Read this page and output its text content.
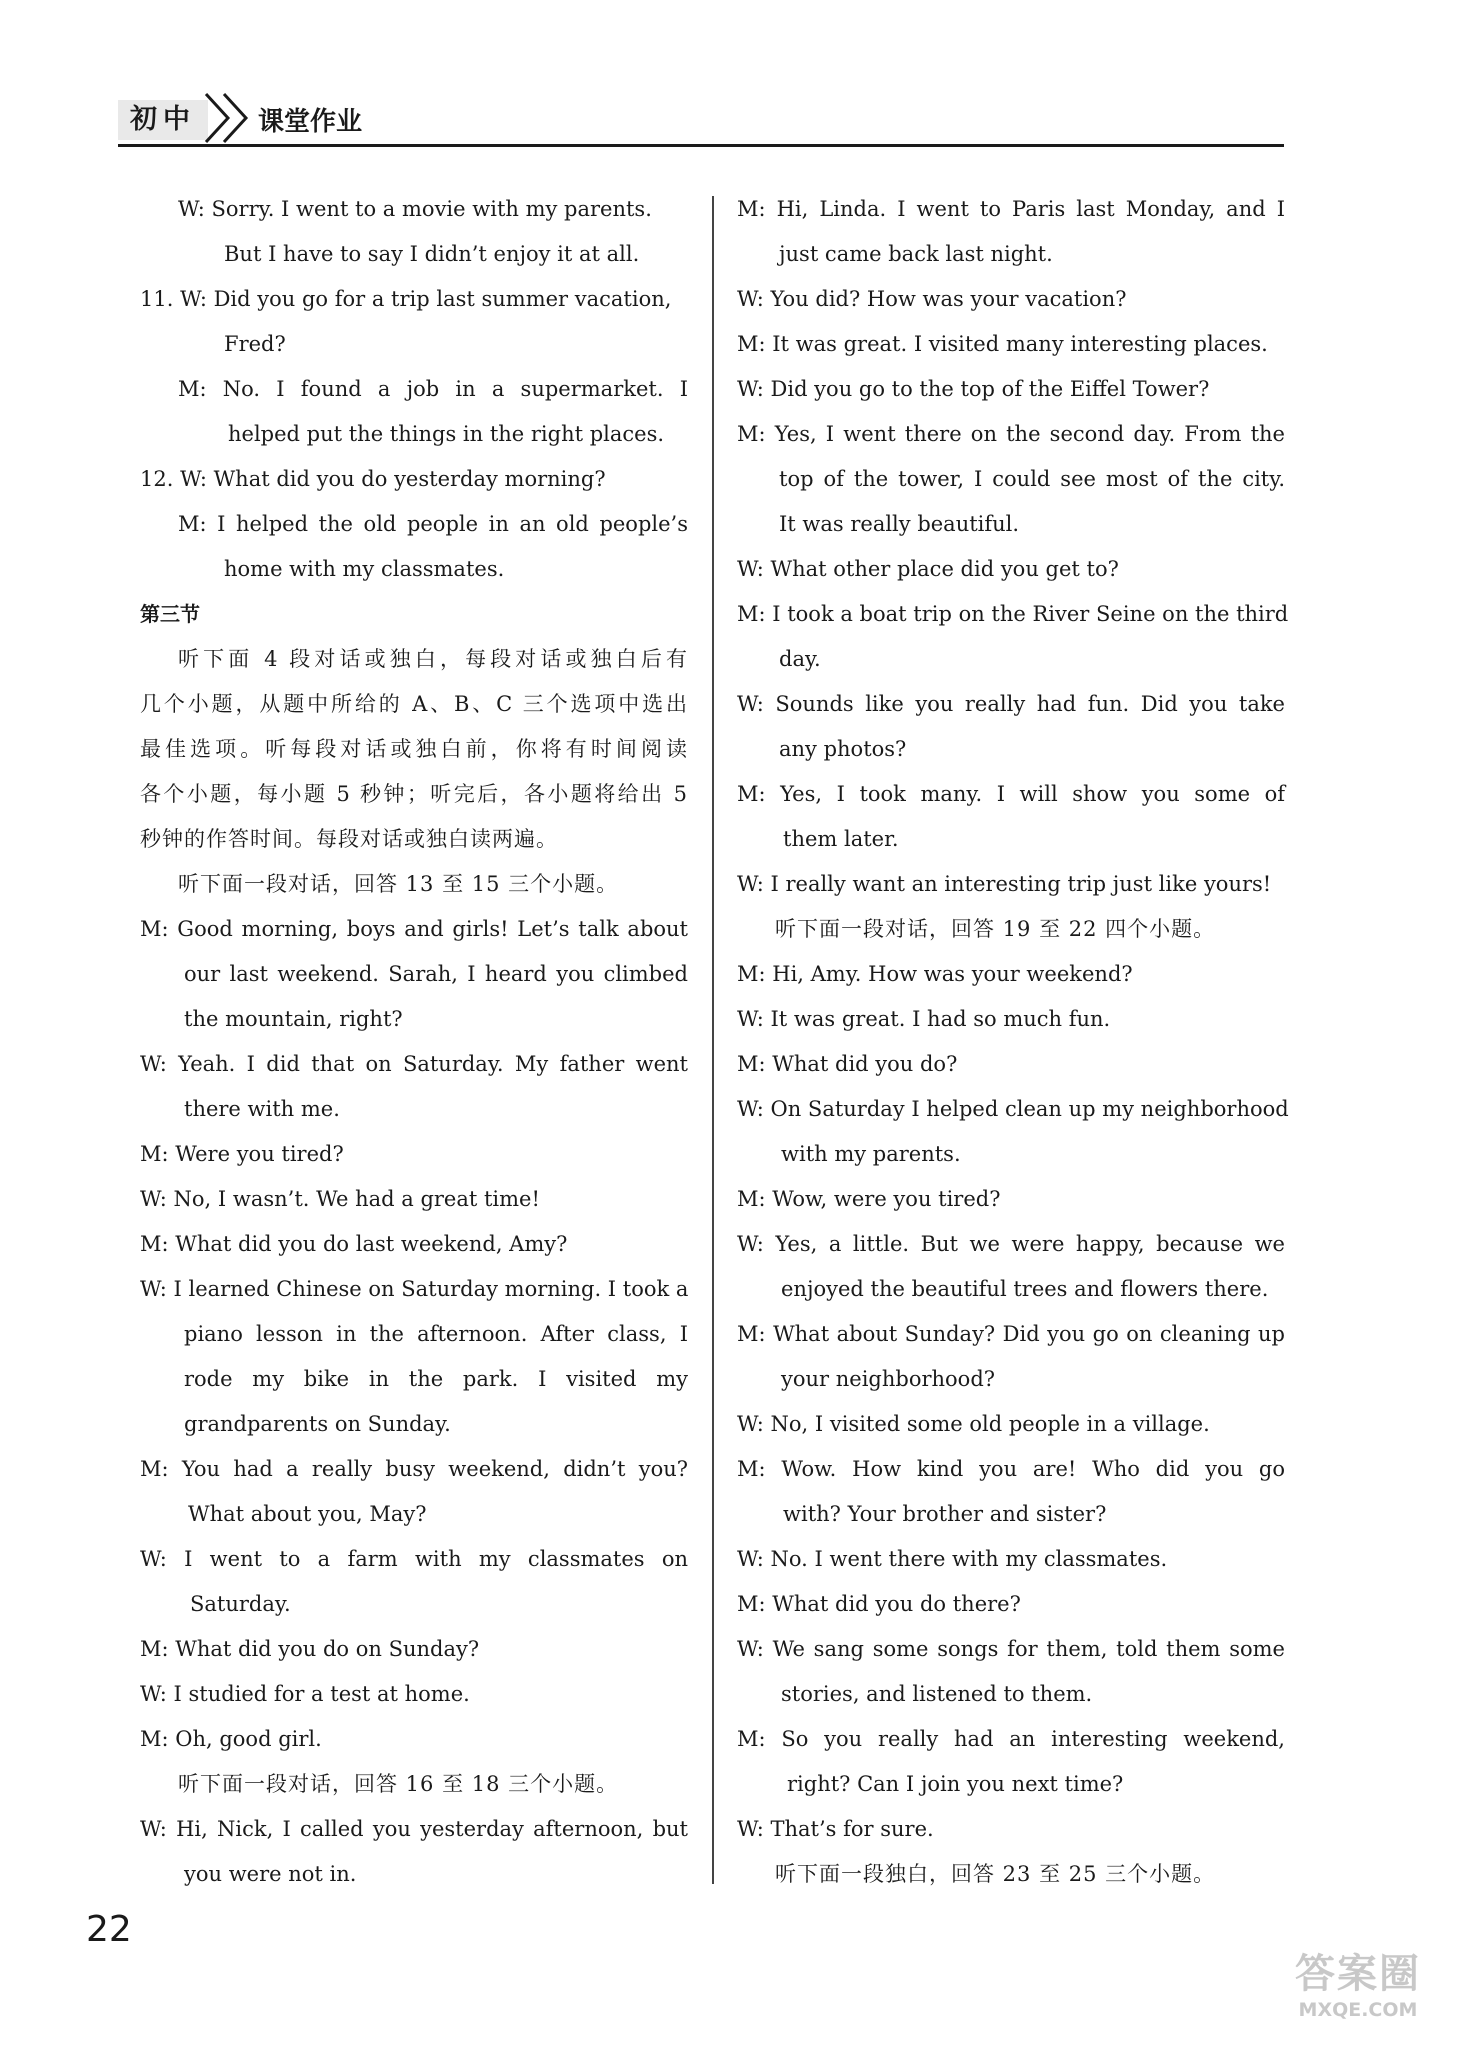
初中	课堂作业
W: Sorry. I went to a movie with my parents.
But I have to say I didn’t enjoy it at all.
11. W: Did you go for a trip last summer vacation,
Fred?
M: No. I found a job in a supermarket. I
helped put the things in the right places.
12. W: What did you do yesterday morning?
M: I helped the old people in an old people’s
home with my classmates.
第三节
听下面 4 段对话或独白，每段对话或独白后有
几个小题，从题中所给的 A、B、C 三个选项中选出
最佳选项。听每段对话或独白前，你将有时间阅读
各个小题，每小题 5 秒钟；听完后，各小题将给出 5
秒钟的作答时间。每段对话或独白读两遍。
听下面一段对话，回答 13 至 15 三个小题。
M: Good morning, boys and girls! Let’s talk about
our last weekend. Sarah, I heard you climbed
the mountain, right?
W: Yeah. I did that on Saturday. My father went
there with me.
M: Were you tired?
W: No, I wasn’t. We had a great time!
M: What did you do last weekend, Amy?
W: I learned Chinese on Saturday morning. I took a
piano lesson in the afternoon. After class, I
rode my bike in the park. I visited my
grandparents on Sunday.
M: You had a really busy weekend, didn’t you?
What about you, May?
W: I went to a farm with my classmates on
Saturday.
M: What did you do on Sunday?
W: I studied for a test at home.
M: Oh, good girl.
听下面一段对话，回答 16 至 18 三个小题。
W: Hi, Nick, I called you yesterday afternoon, but
you were not in.
M: Hi, Linda. I went to Paris last Monday, and I
just came back last night.
W: You did? How was your vacation?
M: It was great. I visited many interesting places.
W: Did you go to the top of the Eiffel Tower?
M: Yes, I went there on the second day. From the
top of the tower, I could see most of the city.
It was really beautiful.
W: What other place did you get to?
M: I took a boat trip on the River Seine on the third
day.
W: Sounds like you really had fun. Did you take
any photos?
M: Yes, I took many. I will show you some of
them later.
W: I really want an interesting trip just like yours!
听下面一段对话，回答 19 至 22 四个小题。
M: Hi, Amy. How was your weekend?
W: It was great. I had so much fun.
M: What did you do?
W: On Saturday I helped clean up my neighborhood
with my parents.
M: Wow, were you tired?
W: Yes, a little. But we were happy, because we
enjoyed the beautiful trees and flowers there.
M: What about Sunday? Did you go on cleaning up
your neighborhood?
W: No, I visited some old people in a village.
M: Wow. How kind you are! Who did you go
with? Your brother and sister?
W: No. I went there with my classmates.
M: What did you do there?
W: We sang some songs for them, told them some
stories, and listened to them.
M: So you really had an interesting weekend,
right? Can I join you next time?
W: That’s for sure.
听下面一段独白，回答 23 至 25 三个小题。
22
答案圈
MXQE.COM
